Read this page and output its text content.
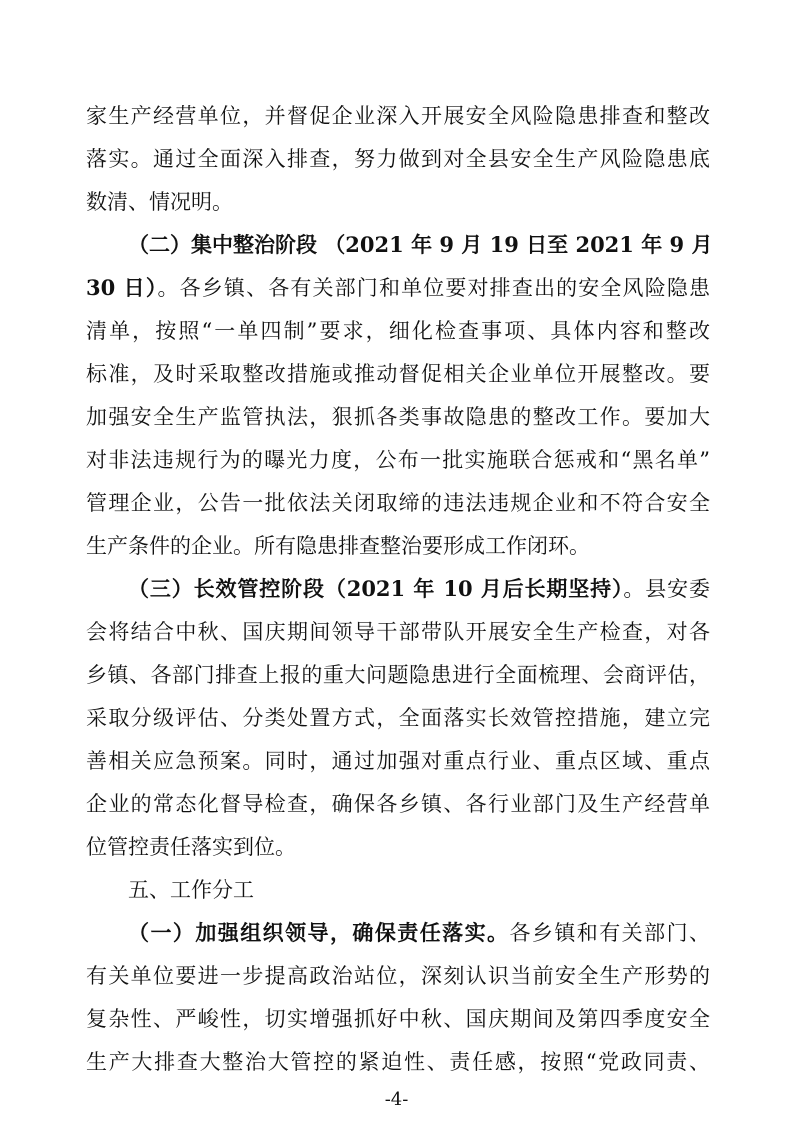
家生产经营单位，并督促企业深入开展安全风险隐患排查和整改
落实。通过全面深入排查，努力做到对全县安全生产风险隐患底
数清、情况明。
（二）集中整治阶段 （2021 年 9 月 19 日至 2021 年 9 月
30 日）。各乡镇、各有关部门和单位要对排查出的安全风险隐患
清单，按照“一单四制”要求，细化检查事项、具体内容和整改
标准，及时采取整改措施或推动督促相关企业单位开展整改。要
加强安全生产监管执法，狠抓各类事故隐患的整改工作。要加大
对非法违规行为的曝光力度，公布一批实施联合惩戒和“黑名单”
管理企业，公告一批依法关闭取缔的违法违规企业和不符合安全
生产条件的企业。所有隐患排查整治要形成工作闭环。
（三）长效管控阶段（2021 年 10 月后长期坚持）。县安委
会将结合中秋、国庆期间领导干部带队开展安全生产检查，对各
乡镇、各部门排查上报的重大问题隐患进行全面梳理、会商评估，
采取分级评估、分类处置方式，全面落实长效管控措施，建立完
善相关应急预案。同时，通过加强对重点行业、重点区域、重点
企业的常态化督导检查，确保各乡镇、各行业部门及生产经营单
位管控责任落实到位。
五、工作分工
（一）加强组织领导，确保责任落实。各乡镇和有关部门、
有关单位要进一步提高政治站位，深刻认识当前安全生产形势的
复杂性、严峻性，切实增强抓好中秋、国庆期间及第四季度安全
生产大排查大整治大管控的紧迫性、责任感，按照“党政同责、
-4-
